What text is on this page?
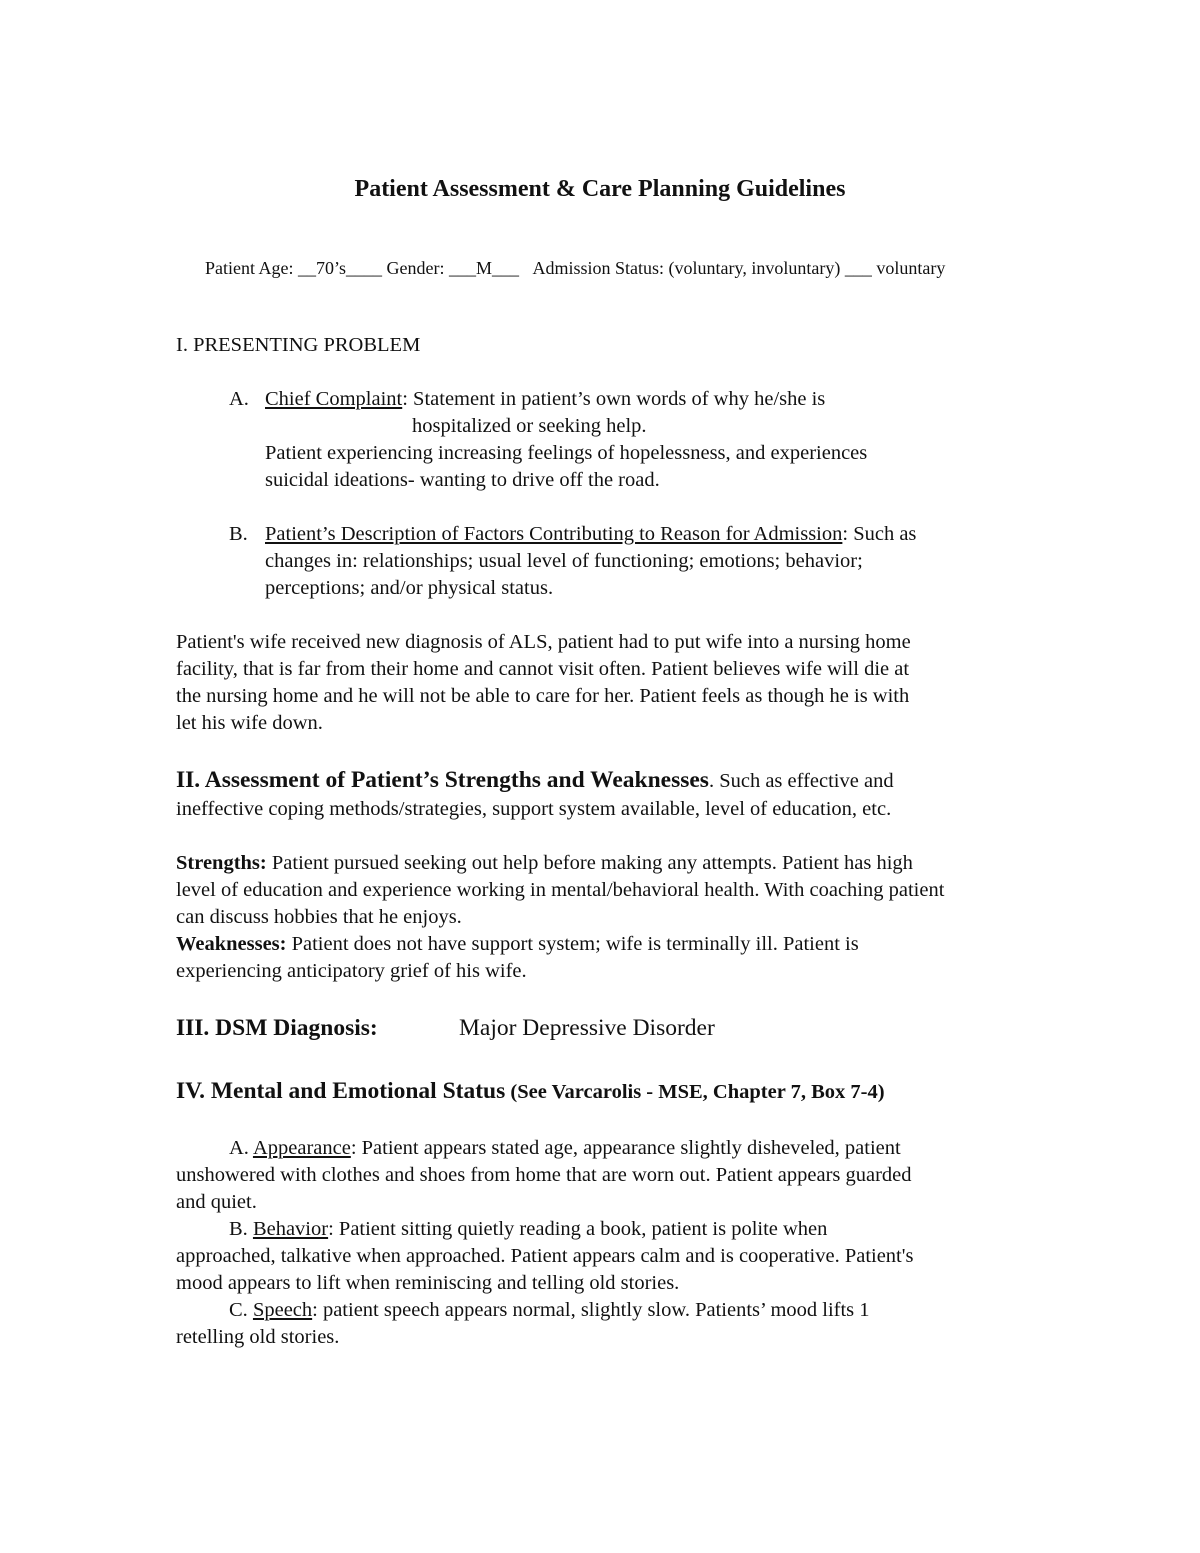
Patient Assessment & Care Planning Guidelines

Patient Age: __70’s____ Gender: ___M___ Admission Status: (voluntary, involuntary) ___ voluntary

I. PRESENTING PROBLEM

A. Chief Complaint: Statement in patient’s own words of why he/she is

hospitalized or seeking help.

Patient experiencing increasing feelings of hopelessness, and experiences

suicidal ideations- wanting to drive off the road.

B. Patient’s Description of Factors Contributing to Reason for Admission: Such as

changes in: relationships; usual level of functioning; emotions; behavior;

perceptions; and/or physical status.

Patient's wife received new diagnosis of ALS, patient had to put wife into a nursing home

facility, that is far from their home and cannot visit often. Patient believes wife will die at

the nursing home and he will not be able to care for her. Patient feels as though he is with

let his wife down.

II. Assessment of Patient’s Strengths and Weaknesses. Such as effective and

ineffective coping methods/strategies, support system available, level of education, etc.

Strengths: Patient pursued seeking out help before making any attempts. Patient has high

level of education and experience working in mental/behavioral health. With coaching patient

can discuss hobbies that he enjoys.

Weaknesses: Patient does not have support system; wife is terminally ill. Patient is

experiencing anticipatory grief of his wife.

III. DSM Diagnosis:	Major Depressive Disorder

IV. Mental and Emotional Status (See Varcarolis - MSE, Chapter 7, Box 7-4)

A. Appearance: Patient appears stated age, appearance slightly disheveled, patient

unshowered with clothes and shoes from home that are worn out. Patient appears guarded

and quiet.

B. Behavior: Patient sitting quietly reading a book, patient is polite when

approached, talkative when approached. Patient appears calm and is cooperative. Patient's

mood appears to lift when reminiscing and telling old stories.

C. Speech: patient speech appears normal, slightly slow. Patients’ mood lifts 1

retelling old stories.
